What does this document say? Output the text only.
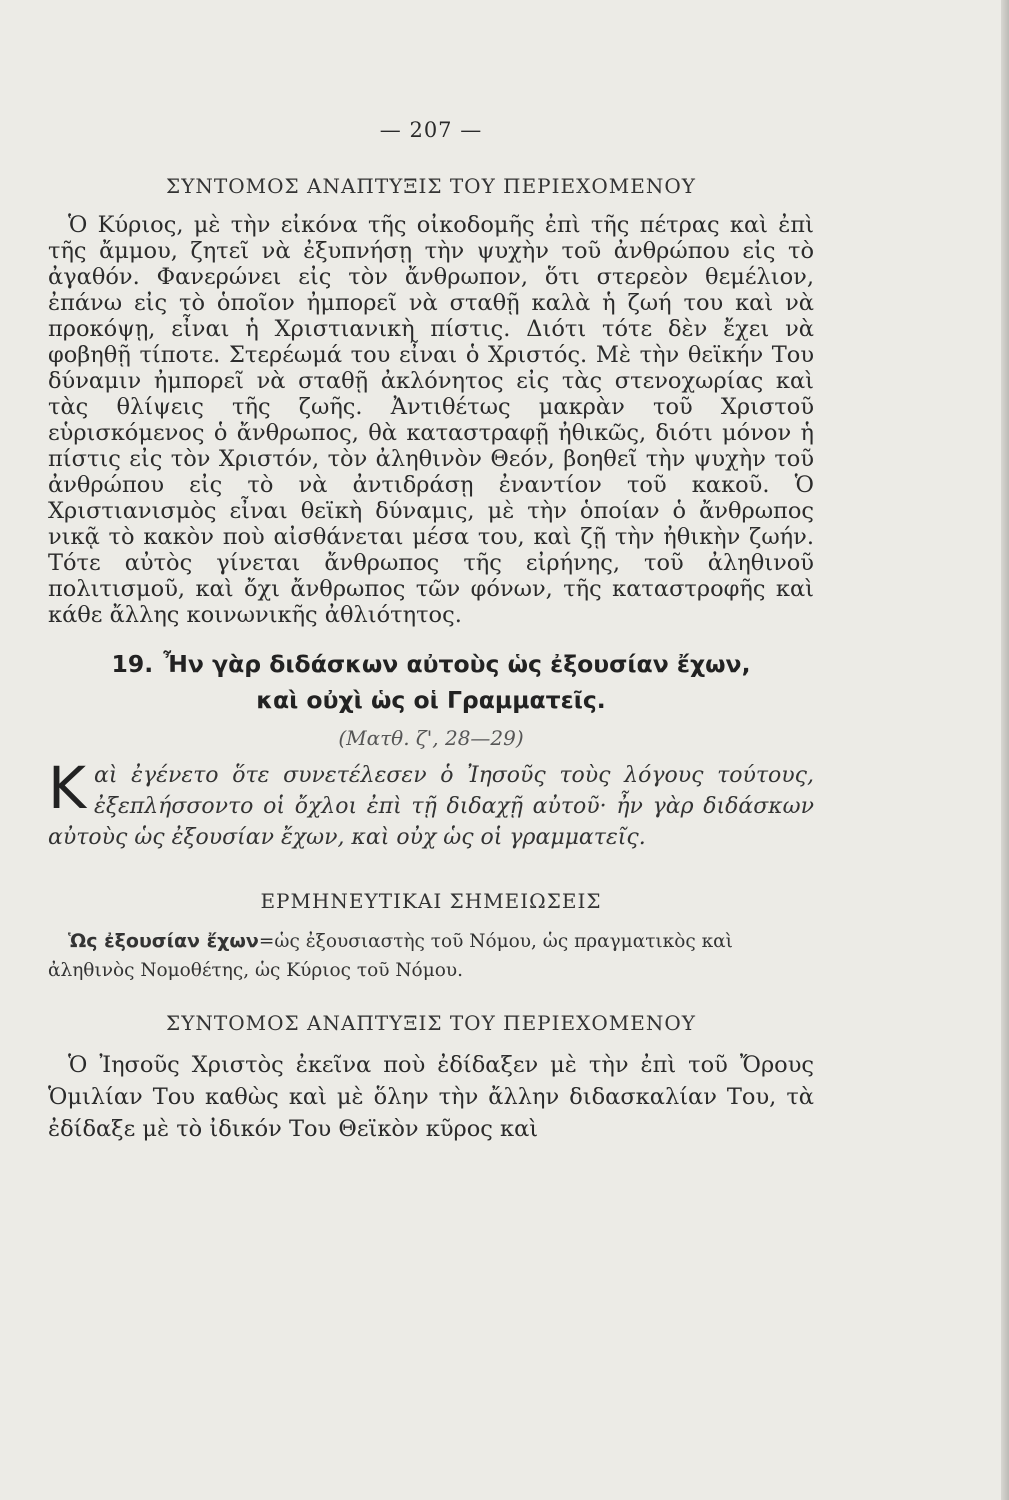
— 207 —
ΣΥΝΤΟΜΟΣ ΑΝΑΠΤΥΞΙΣ ΤΟΥ ΠΕΡΙΕΧΟΜΕΝΟΥ

Ὁ Κύριος, μὲ τὴν εἰκόνα τῆς οἰκοδομῆς ἐπὶ τῆς πέτρας καὶ ἐπὶ τῆς ἄμμου, ζητεῖ νὰ ἐξυπνήσῃ τὴν ψυχὴν τοῦ ἀνθρώπου εἰς τὸ ἀγαθόν. Φανερώνει εἰς τὸν ἄνθρωπον, ὅτι στερεὸν θεμέλιον, ἐπάνω εἰς τὸ ὁποῖον ἠμπορεῖ νὰ σταθῇ καλὰ ἡ ζωή του καὶ νὰ προκόψῃ, εἶναι ἡ Χριστιανικὴ πίστις. Διότι τότε δὲν ἔχει νὰ φοβηθῇ τίποτε. Στερέωμά του εἶναι ὁ Χριστός. Μὲ τὴν θεϊκήν Του δύναμιν ἠμπορεῖ νὰ σταθῇ ἀκλόνητος εἰς τὰς στενοχωρίας καὶ τὰς θλίψεις τῆς ζωῆς. Ἀντιθέτως μακρὰν τοῦ Χριστοῦ εὑρισκόμενος ὁ ἄνθρωπος, θὰ καταστραφῇ ἠθικῶς, διότι μόνον ἡ πίστις εἰς τὸν Χριστόν, τὸν ἀληθινὸν Θεόν, βοηθεῖ τὴν ψυχὴν τοῦ ἀνθρώπου εἰς τὸ νὰ ἀντιδράσῃ ἐναντίον τοῦ κακοῦ. Ὁ Χριστιανισμὸς εἶναι θεϊκὴ δύναμις, μὲ τὴν ὁποίαν ὁ ἄνθρωπος νικᾷ τὸ κακὸν ποὺ αἰσθάνεται μέσα του, καὶ ζῇ τὴν ἠθικὴν ζωήν. Τότε αὐτὸς γίνεται ἄνθρωπος τῆς εἰρήνης, τοῦ ἀληθινοῦ πολιτισμοῦ, καὶ ὄχι ἄνθρωπος τῶν φόνων, τῆς καταστροφῆς καὶ κάθε ἄλλης κοινωνικῆς ἀθλιότητος.

19. Ἦν γὰρ διδάσκων αὐτοὺς ὡς ἐξουσίαν ἔχων,
καὶ οὐχὶ ὡς οἱ Γραμματεῖς.
(Ματθ. ζ', 28—29)

Καὶ ἐγένετο ὅτε συνετέλεσεν ὁ Ἰησοῦς τοὺς λόγους τούτους, ἐξεπλήσσοντο οἱ ὄχλοι ἐπὶ τῇ διδαχῇ αὐτοῦ· ἦν γὰρ διδάσκων αὐτοὺς ὡς ἐξουσίαν ἔχων, καὶ οὐχ ὡς οἱ γραμματεῖς.

ΕΡΜΗΝΕΥΤΙΚΑΙ ΣΗΜΕΙΩΣΕΙΣ

Ὡς ἐξουσίαν ἔχων=ὡς ἐξουσιαστὴς τοῦ Νόμου, ὡς πραγματικὸς καὶ ἀληθινὸς Νομοθέτης, ὡς Κύριος τοῦ Νόμου.

ΣΥΝΤΟΜΟΣ ΑΝΑΠΤΥΞΙΣ ΤΟΥ ΠΕΡΙΕΧΟΜΕΝΟΥ

Ὁ Ἰησοῦς Χριστὸς ἐκεῖνα ποὺ ἐδίδαξεν μὲ τὴν ἐπὶ τοῦ Ὄρους Ὁμιλίαν Του καθὼς καὶ μὲ ὅλην τὴν ἄλλην διδασκαλίαν Του, τὰ ἐδίδαξε μὲ τὸ ἰδικόν Του Θεϊκὸν κῦρος καὶ
